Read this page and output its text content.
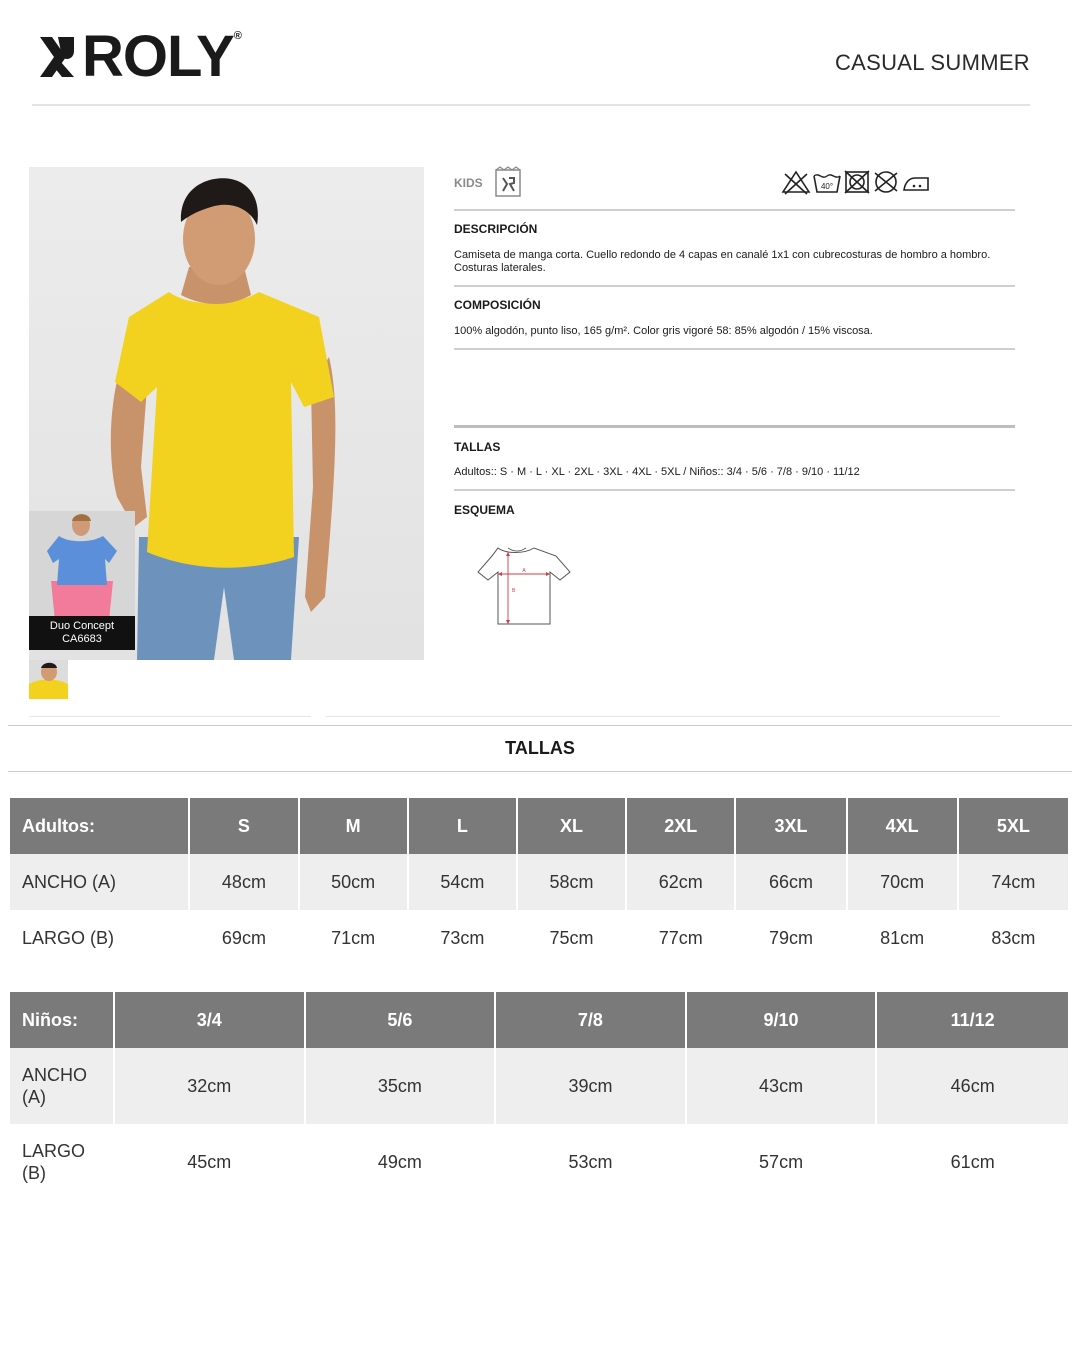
ROLY ®
CASUAL SUMMER
Duo Concept
CA6683
KIDS	40°
DESCRIPCIÓN
Camiseta de manga corta. Cuello redondo de 4 capas en canalé 1x1 con cubrecosturas de hombro a hombro. Costuras laterales.
COMPOSICIÓN
100% algodón, punto liso, 165 g/m². Color gris vigoré 58: 85% algodón / 15% viscosa.
TALLAS
Adultos:: S · M · L · XL · 2XL · 3XL · 4XL · 5XL / Niños:: 3/4 · 5/6 · 7/8 · 9/10 · 11/12
ESQUEMA
A
B
TALLAS
Adultos:	S	M	L	XL	2XL	3XL	4XL	5XL
ANCHO (A)	48cm	50cm	54cm	58cm	62cm	66cm	70cm	74cm
LARGO (B)	69cm	71cm	73cm	75cm	77cm	79cm	81cm	83cm
Niños:	3/4	5/6	7/8	9/10	11/12
ANCHO (A)	32cm	35cm	39cm	43cm	46cm
LARGO (B)	45cm	49cm	53cm	57cm	61cm
